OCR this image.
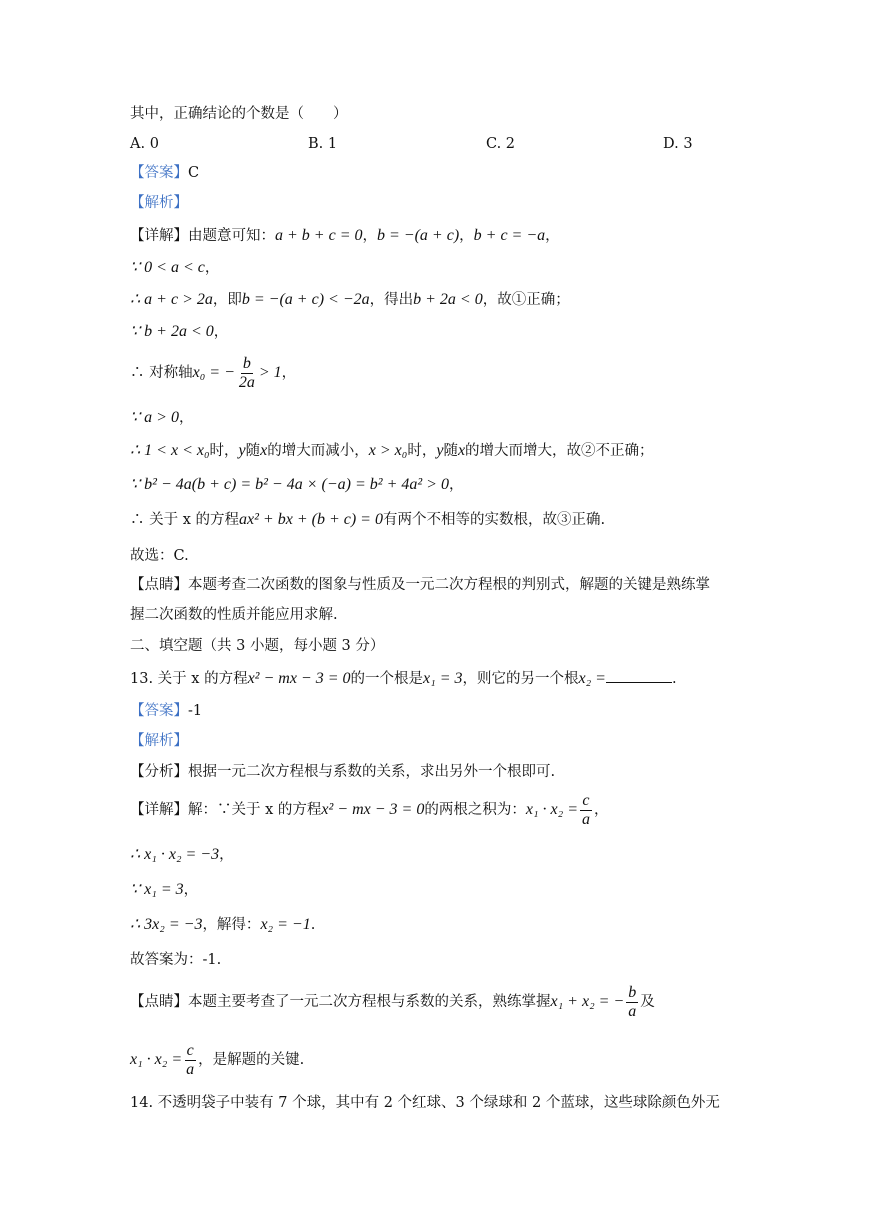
其中，正确结论的个数是（　　）
A. 0	B. 1	C. 2	D. 3
【答案】C
【解析】
【详解】由题意可知：a + b + c = 0，b = −(a + c)，b + c = −a，
∵ 0 < a < c，
∴ a + c > 2a，即b = −(a + c) < −2a，得出b + 2a < 0，故①正确；
∵ b + 2a < 0，
∴ 对称轴x₀ = − $\frac{b}{2a} > 1$，
∵ a > 0，
∴ 1 < x < x₀时，y随x的增大而减小，x > x₀时，y随x的增大而增大，故②不正确；
∵ b² − 4a(b + c) = b² − 4a × (−a) = b² + 4a² > 0，
∴ 关于 x 的方程ax² + bx + (b + c) = 0有两个不相等的实数根，故③正确.
故选：C.
【点睛】本题考查二次函数的图象与性质及一元二次方程根的判别式，解题的关键是熟练掌
握二次函数的性质并能应用求解.
二、填空题（共 3 小题，每小题 3 分）
13. 关于 x 的方程x² − mx − 3 = 0的一个根是x₁ = 3，则它的另一个根x₂ =	.
【答案】-1
【解析】
【分析】根据一元二次方程根与系数的关系，求出另外一个根即可.
【详解】解：∵关于 x 的方程x² − mx − 3 = 0的两根之积为：$x_1 \cdot x_2 = \frac{c}{a}$ ，
∴ x₁ · x₂ = −3，
∵ x₁ = 3，
∴ 3x₂ = −3，解得：x₂ = −1.
故答案为：-1.
【点睛】本题主要考查了一元二次方程根与系数的关系，熟练掌握x₁ + x₂ = − $\frac{b}{a}$ 及
$x_1 \cdot x_2 = \frac{c}{a}$ ，是解题的关键.
14. 不透明袋子中装有 7 个球，其中有 2 个红球、3 个绿球和 2 个蓝球，这些球除颜色外无
